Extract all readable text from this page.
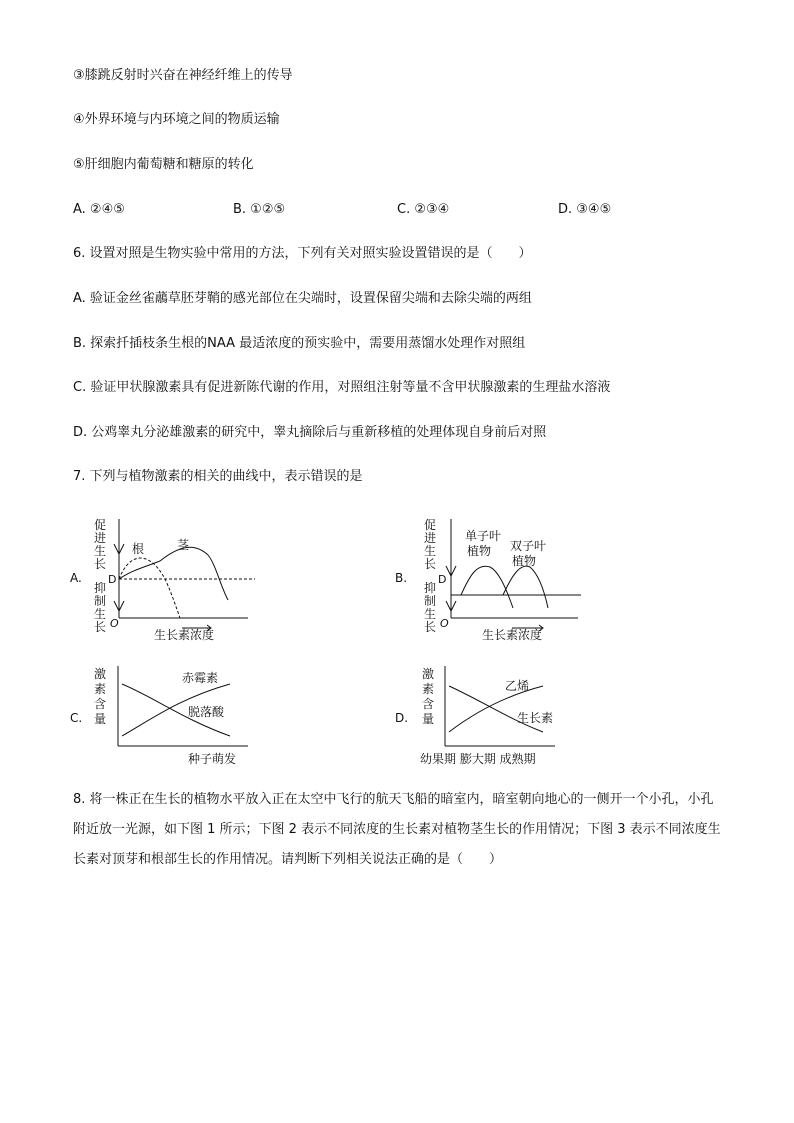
③膝跳反射时兴奋在神经纤维上的传导
④外界环境与内环境之间的物质运输
⑤肝细胞内葡萄糖和糖原的转化
A. ②④⑤	B. ①②⑤	C. ②③④	D. ③④⑤
6. 设置对照是生物实验中常用的方法，下列有关对照实验设置错误的是（　　）
A. 验证金丝雀虉草胚芽鞘的感光部位在尖端时，设置保留尖端和去除尖端的两组
B. 探索扦插枝条生根的NAA 最适浓度的预实验中，需要用蒸馏水处理作对照组
C. 验证甲状腺激素具有促进新陈代谢的作用，对照组注射等量不含甲状腺激素的生理盐水溶液
D. 公鸡睾丸分泌雄激素的研究中，睾丸摘除后与重新移植的处理体现自身前后对照
7. 下列与植物激素的相关的曲线中，表示错误的是
A.
促
进
生
长
抑
制
生
长
D
O
根	茎
生长素浓度
B.
促
进
生
长
抑
制
生
长
D
O
单子叶
植物 双子叶
植物
生长素浓度
C.
激
素
含
量
赤霉素
脱落酸
种子萌发
D.
激
素
含
量
乙烯
生长素
幼果期 膨大期 成熟期
8. 将一株正在生长的植物水平放入正在太空中飞行的航天飞船的暗室内，暗室朝向地心的一侧开一个小孔，小孔附近放一光源，如下图 1 所示；下图 2 表示不同浓度的生长素对植物茎生长的作用情况；下图 3 表示不同浓度生长素对顶芽和根部生长的作用情况。请判断下列相关说法正确的是（　　）
